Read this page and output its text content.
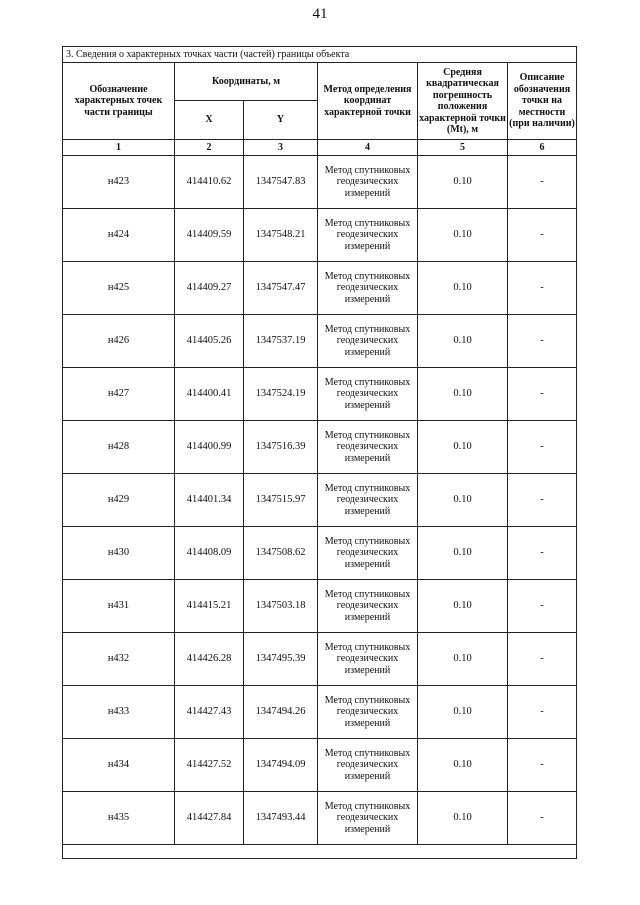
41
3. Сведения о характерных точках части (частей) границы объекта					
Обозначение характерных точек части границы	Координаты, м		Метод определения координат характерной точки	Средняя квадратическая погрешность положения характерной точки (Mt), м	Описание обозначения точки на местности (при наличии)
	X	Y			
1	2	3	4	5	6
н423	414410.62	1347547.83	Метод спутниковых геодезических измерений	0.10	-
н424	414409.59	1347548.21	Метод спутниковых геодезических измерений	0.10	-
н425	414409.27	1347547.47	Метод спутниковых геодезических измерений	0.10	-
н426	414405.26	1347537.19	Метод спутниковых геодезических измерений	0.10	-
н427	414400.41	1347524.19	Метод спутниковых геодезических измерений	0.10	-
н428	414400.99	1347516.39	Метод спутниковых геодезических измерений	0.10	-
н429	414401.34	1347515.97	Метод спутниковых геодезических измерений	0.10	-
н430	414408.09	1347508.62	Метод спутниковых геодезических измерений	0.10	-
н431	414415.21	1347503.18	Метод спутниковых геодезических измерений	0.10	-
н432	414426.28	1347495.39	Метод спутниковых геодезических измерений	0.10	-
н433	414427.43	1347494.26	Метод спутниковых геодезических измерений	0.10	-
н434	414427.52	1347494.09	Метод спутниковых геодезических измерений	0.10	-
н435	414427.84	1347493.44	Метод спутниковых геодезических измерений	0.10	-
